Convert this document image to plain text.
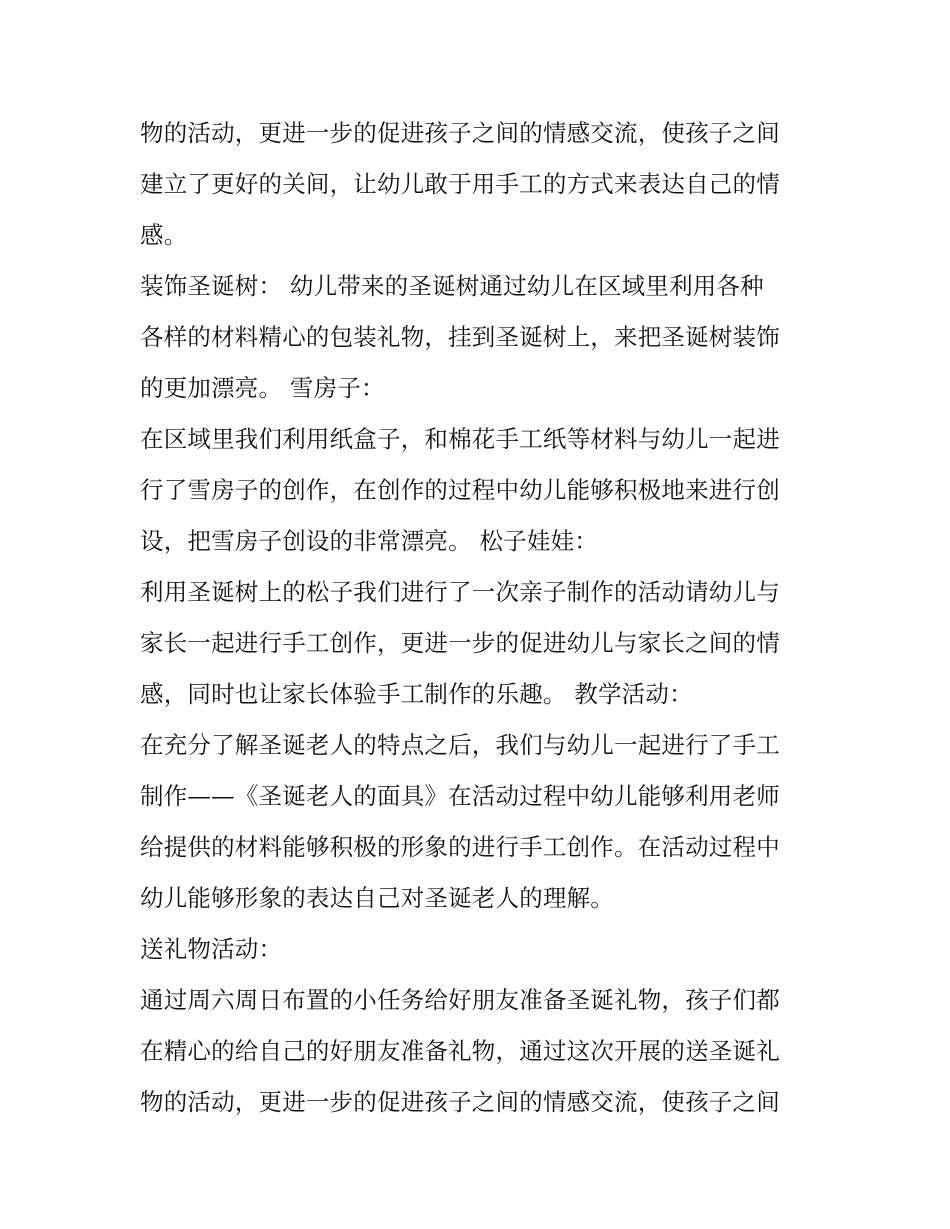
物的活动，更进一步的促进孩子之间的情感交流，使孩子之间
建立了更好的关间，让幼儿敢于用手工的方式来表达自己的情
感。
装饰圣诞树： 幼儿带来的圣诞树通过幼儿在区域里利用各种
各样的材料精心的包装礼物，挂到圣诞树上，来把圣诞树装饰
的更加漂亮。 雪房子：
在区域里我们利用纸盒子，和棉花手工纸等材料与幼儿一起进
行了雪房子的创作，在创作的过程中幼儿能够积极地来进行创
设，把雪房子创设的非常漂亮。 松子娃娃：
利用圣诞树上的松子我们进行了一次亲子制作的活动请幼儿与
家长一起进行手工创作，更进一步的促进幼儿与家长之间的情
感，同时也让家长体验手工制作的乐趣。 教学活动：
在充分了解圣诞老人的特点之后，我们与幼儿一起进行了手工
制作——《圣诞老人的面具》在活动过程中幼儿能够利用老师
给提供的材料能够积极的形象的进行手工创作。在活动过程中
幼儿能够形象的表达自己对圣诞老人的理解。
送礼物活动：
通过周六周日布置的小任务给好朋友准备圣诞礼物，孩子们都
在精心的给自己的好朋友准备礼物，通过这次开展的送圣诞礼
物的活动，更进一步的促进孩子之间的情感交流，使孩子之间
